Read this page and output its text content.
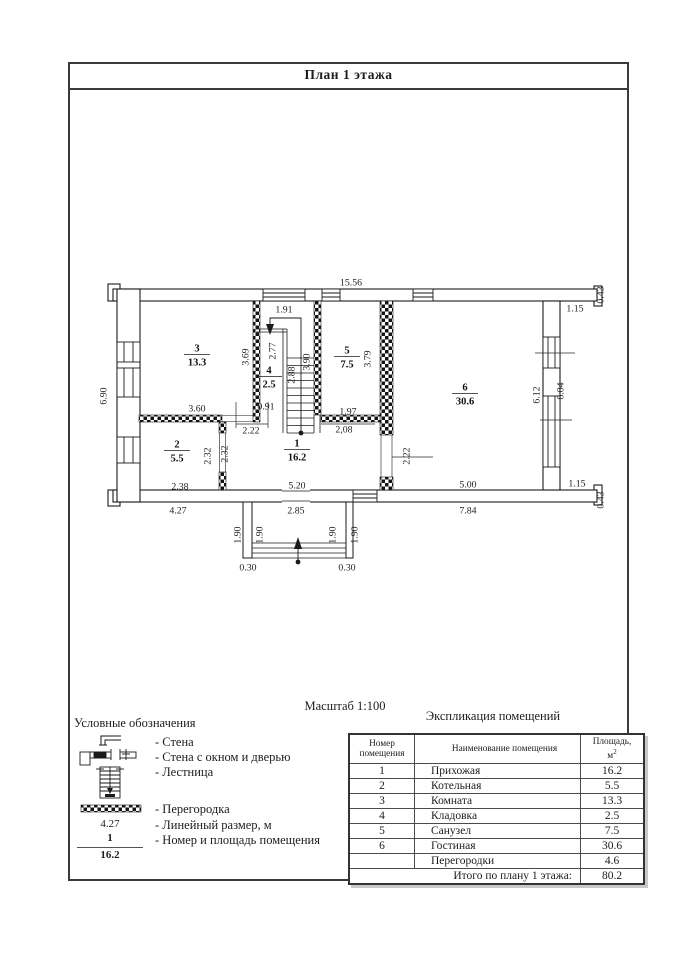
План 1 этажа
3
13.3
4
2.5
5
7.5
6
30.6
2
5.5
1
16.2
15.56
0.43
1.15
1.91
6.90
3.69 2.77
2.88
3.90	3.79
6.12 6.04
3.60	0.91
2.22
1.97
2,08
2.22
2.32 2.32
2.38	5.20	5.00	1.15
0.43
4.27	2.85	7.84
1.90 1.90	1.90 1.90
0.30	0.30
Масштаб 1:100
Условные обозначения
- Стена
- Стена с окном и дверью
- Лестница
- Перегородка
4.27	- Линейный размер, м
1
16.2
- Номер и площадь помещения
Экспликация помещений
Номер помещения	Наименование помещения	Площадь,
$м^2$
1	Прихожая	16.2
2	Котельная	5.5
3	Комната	13.3
4	Кладовка	2.5
5	Санузел	7.5
6	Гостиная	30.6
	Перегородки	4.6
Итого по плану 1 этажа:		80.2
